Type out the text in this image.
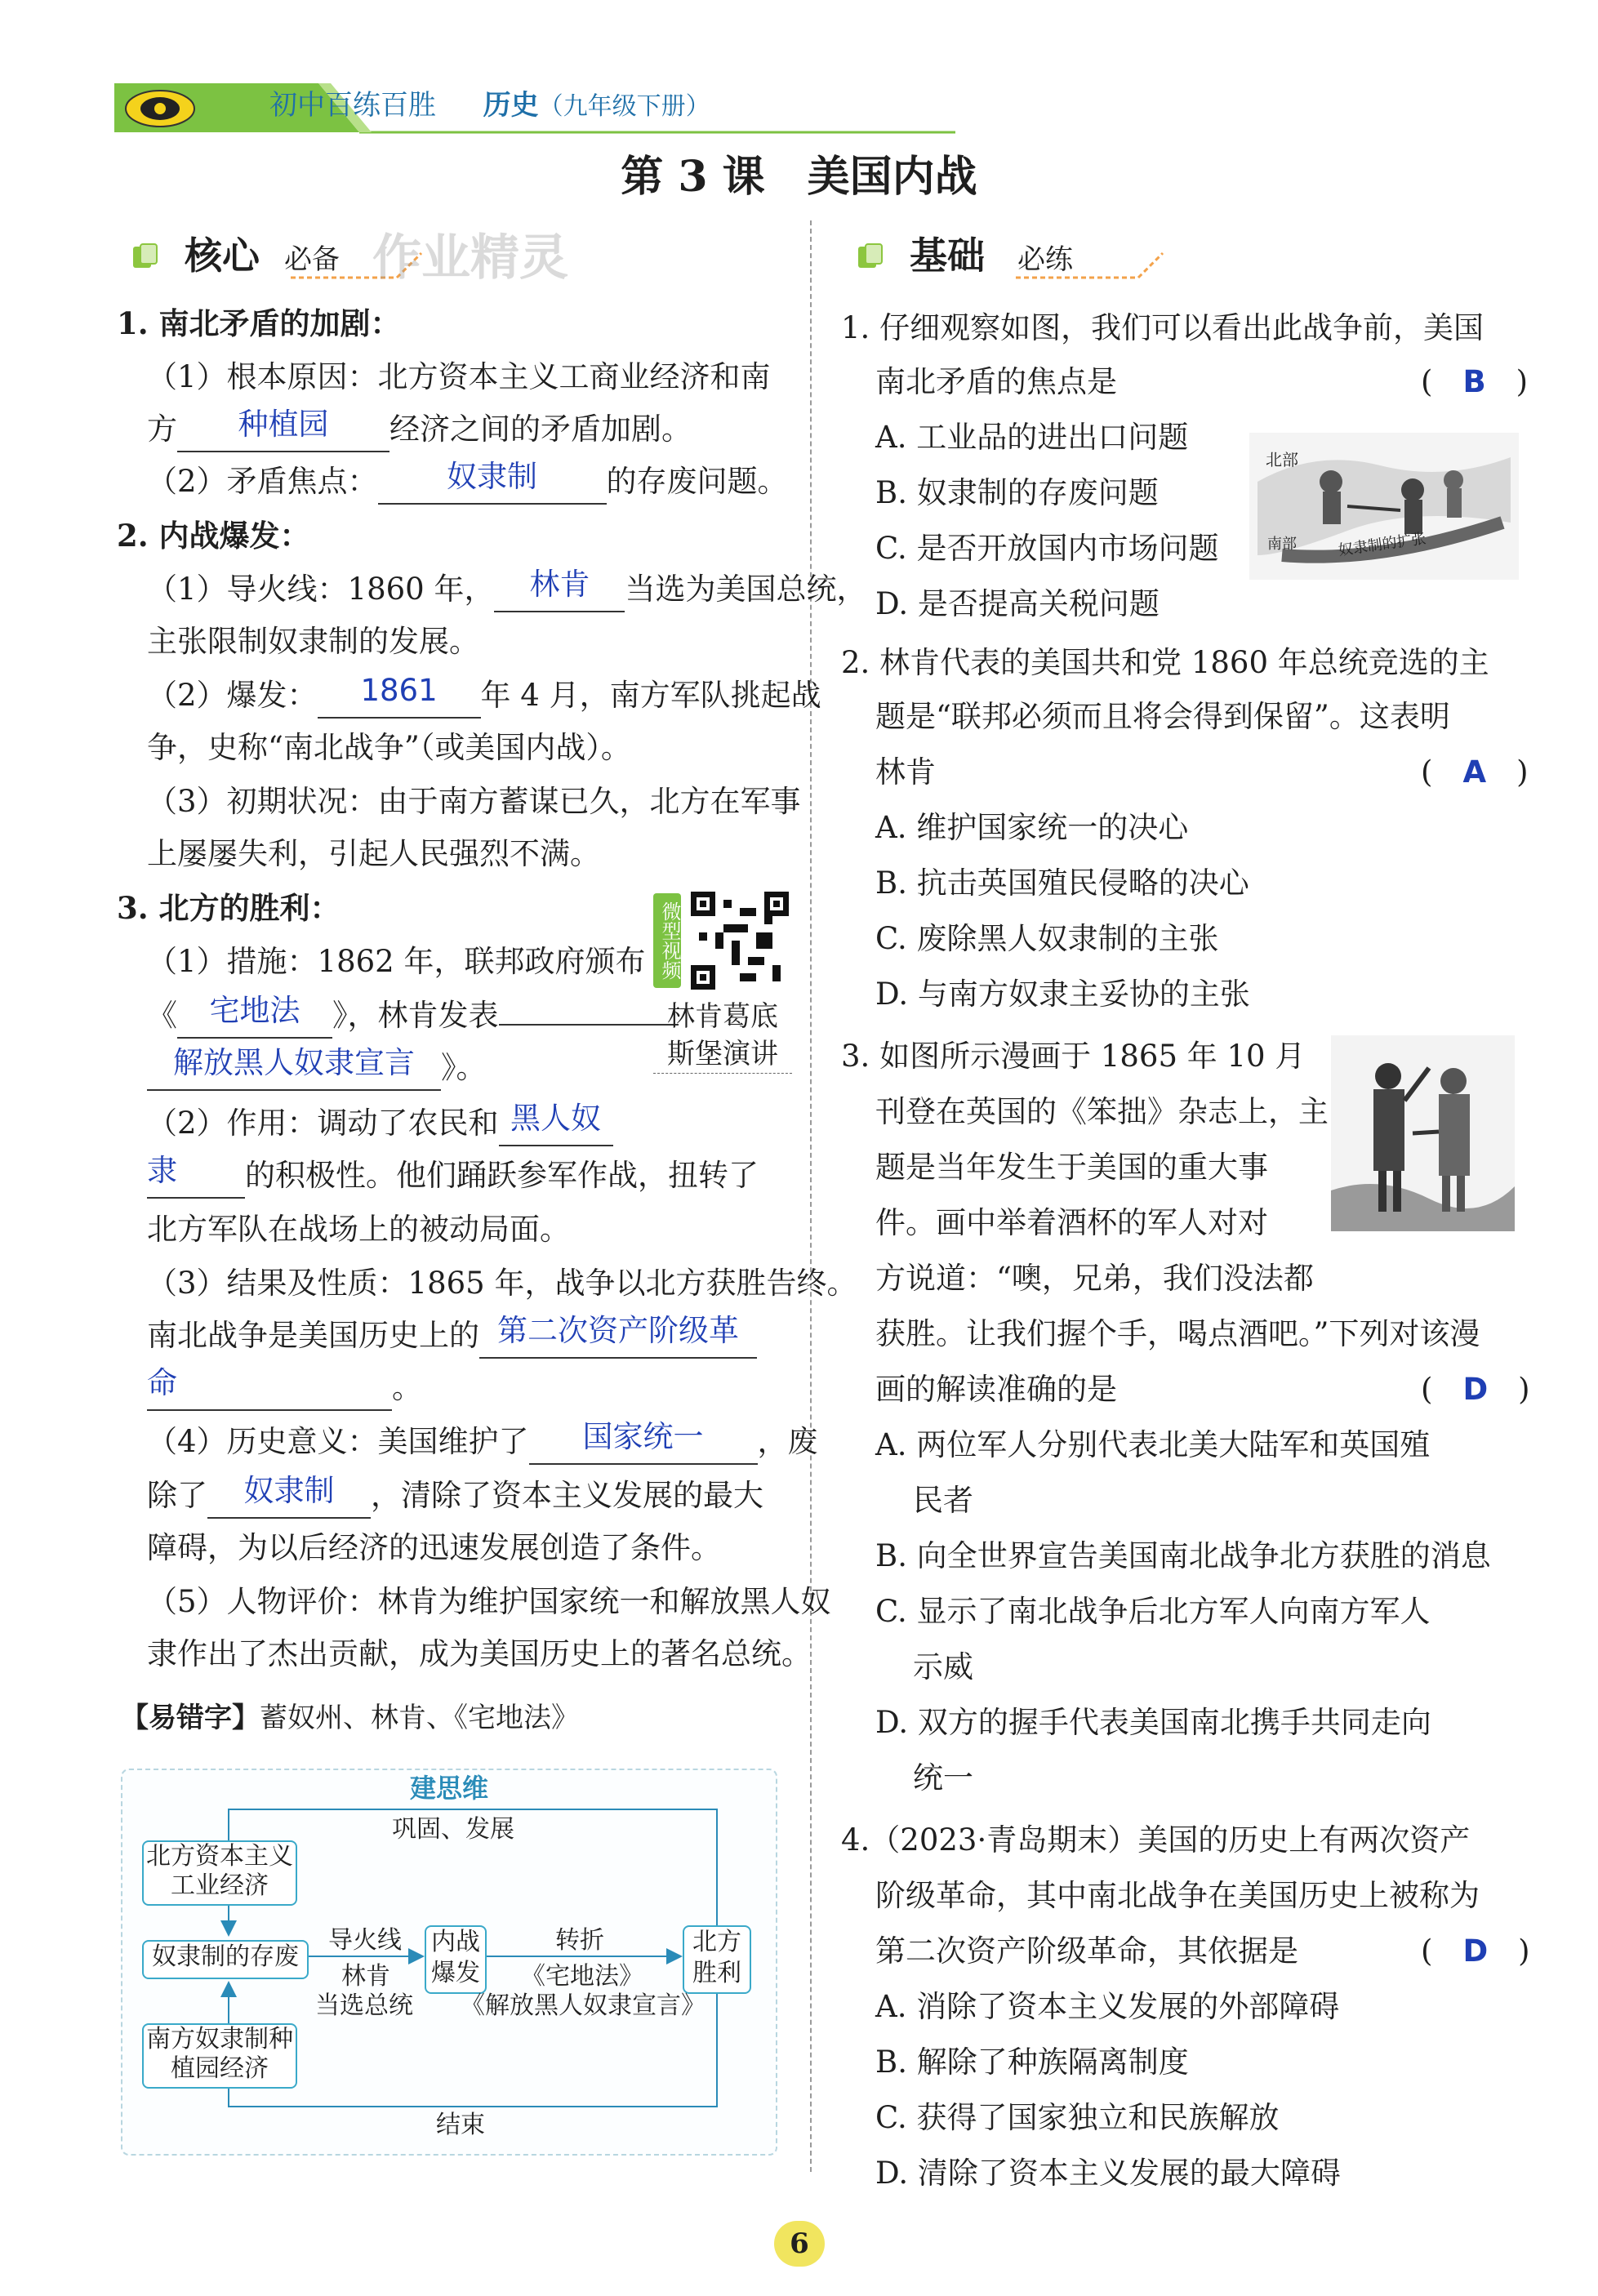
初中百练百胜 历史（九年级下册）
第 3 课　美国内战
核心 必备 作业精灵
1. 南北矛盾的加剧：
（1）根本原因：北方资本主义工商业经济和南
方 种植园 经济之间的矛盾加剧。
（2）矛盾焦点： 奴隶制 的存废问题。
2. 内战爆发：
（1）导火线：1860 年， 林肯 当选为美国总统，
主张限制奴隶制的发展。
（2）爆发： 1861 年 4 月，南方军队挑起战
争，史称“南北战争”（或美国内战）。
（3）初期状况：由于南方蓄谋已久，北方在军事
上屡屡失利，引起人民强烈不满。
3. 北方的胜利：
（1）措施：1862 年，联邦政府颁布
《 宅地法 》，林肯发表
解放黑人奴隶宣言 》。
微型视频
林肯葛底
斯堡演讲
（2）作用：调动了农民和 黑人奴
隶 的积极性。他们踊跃参军作战，扭转了
北方军队在战场上的被动局面。
（3）结果及性质：1865 年，战争以北方获胜告终。
南北战争是美国历史上的 第二次资产阶级革
命	。
（4）历史意义：美国维护了 国家统一 ，废
除了 奴隶制 ，清除了资本主义发展的最大
障碍，为以后经济的迅速发展创造了条件。
（5）人物评价：林肯为维护国家统一和解放黑人奴
隶作出了杰出贡献，成为美国历史上的著名总统。
【易错字】蓄奴州、林肯、《宅地法》
建思维
北方资本主义工业经济
奴隶制的存废
南方奴隶制种植园经济
内战爆发
北方胜利
巩固、发展
结束
导火线
林肯
当选总统
转折
《宅地法》
《解放黑人奴隶宣言》
基础 必练
1. 仔细观察如图，我们可以看出此战争前，美国
南北矛盾的焦点是	(　B　)
A. 工业品的进出口问题
B. 奴隶制的存废问题
C. 是否开放国内市场问题
D. 是否提高关税问题
北部
南部	奴隶制的扩张
2. 林肯代表的美国共和党 1860 年总统竞选的主
题是“联邦必须而且将会得到保留”。这表明
林肯	(　A　)
A. 维护国家统一的决心
B. 抗击英国殖民侵略的决心
C. 废除黑人奴隶制的主张
D. 与南方奴隶主妥协的主张
3. 如图所示漫画于 1865 年 10 月
刊登在英国的《笨拙》杂志上，主
题是当年发生于美国的重大事
件。画中举着酒杯的军人对对
方说道：“噢，兄弟，我们没法都
获胜。让我们握个手，喝点酒吧。”下列对该漫
画的解读准确的是	(　D　)
A. 两位军人分别代表北美大陆军和英国殖
民者
B. 向全世界宣告美国南北战争北方获胜的消息
C. 显示了南北战争后北方军人向南方军人
示威
D. 双方的握手代表美国南北携手共同走向
统一
4.（2023·青岛期末）美国的历史上有两次资产
阶级革命，其中南北战争在美国历史上被称为
第二次资产阶级革命，其依据是	(　D　)
A. 消除了资本主义发展的外部障碍
B. 解除了种族隔离制度
C. 获得了国家独立和民族解放
D. 清除了资本主义发展的最大障碍
6
